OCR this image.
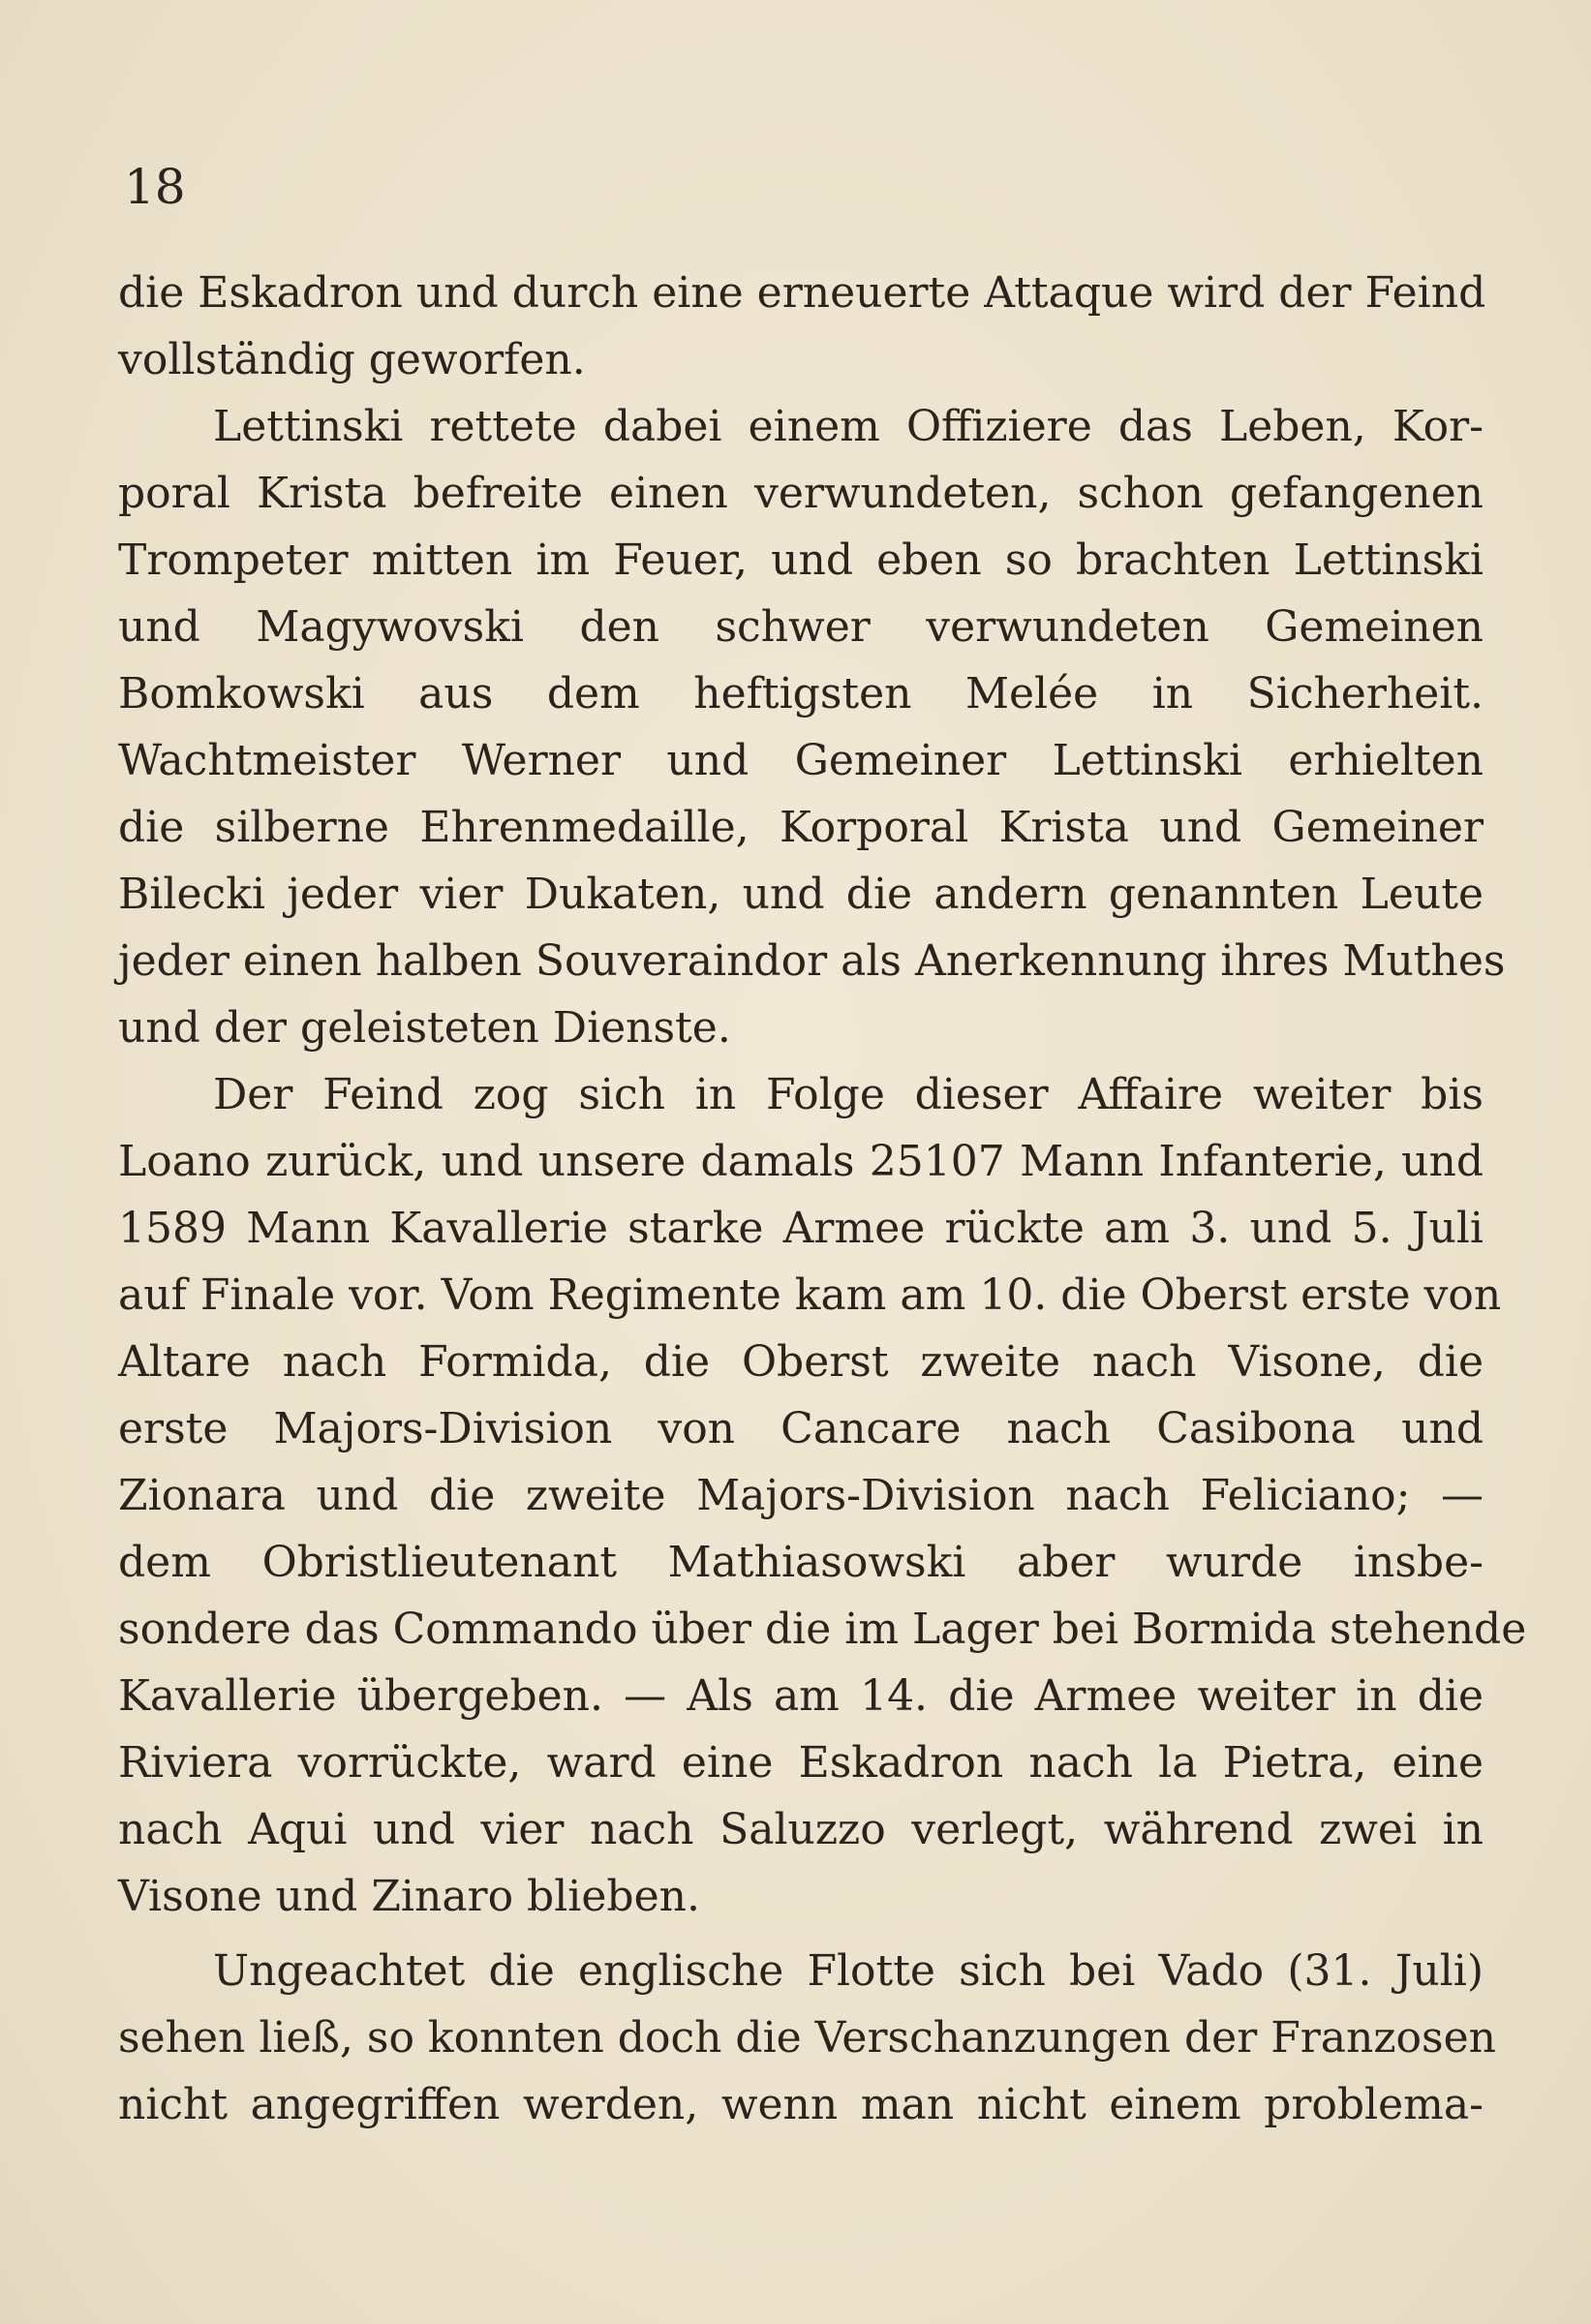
18
die Eskadron und durch eine erneuerte Attaque wird der Feind
vollständig geworfen.
Lettinski rettete dabei einem Offiziere das Leben, Kor-
poral Krista befreite einen verwundeten, schon gefangenen
Trompeter mitten im Feuer, und eben so brachten Lettinski
und Magywovski den schwer verwundeten Gemeinen
Bomkowski aus dem heftigsten Melée in Sicherheit.
Wachtmeister Werner und Gemeiner Lettinski erhielten
die silberne Ehrenmedaille, Korporal Krista und Gemeiner
Bilecki jeder vier Dukaten, und die andern genannten Leute
jeder einen halben Souveraindor als Anerkennung ihres Muthes
und der geleisteten Dienste.
Der Feind zog sich in Folge dieser Affaire weiter bis
Loano zurück, und unsere damals 25107 Mann Infanterie, und
1589 Mann Kavallerie starke Armee rückte am 3. und 5. Juli
auf Finale vor. Vom Regimente kam am 10. die Oberst erste von
Altare nach Formida, die Oberst zweite nach Visone, die
erste Majors-Division von Cancare nach Casibona und
Zionara und die zweite Majors-Division nach Feliciano; —
dem Obristlieutenant Mathiasowski aber wurde insbe-
sondere das Commando über die im Lager bei Bormida stehende
Kavallerie übergeben. — Als am 14. die Armee weiter in die
Riviera vorrückte, ward eine Eskadron nach la Pietra, eine
nach Aqui und vier nach Saluzzo verlegt, während zwei in
Visone und Zinaro blieben.
Ungeachtet die englische Flotte sich bei Vado (31. Juli)
sehen ließ, so konnten doch die Verschanzungen der Franzosen
nicht angegriffen werden, wenn man nicht einem problema-
